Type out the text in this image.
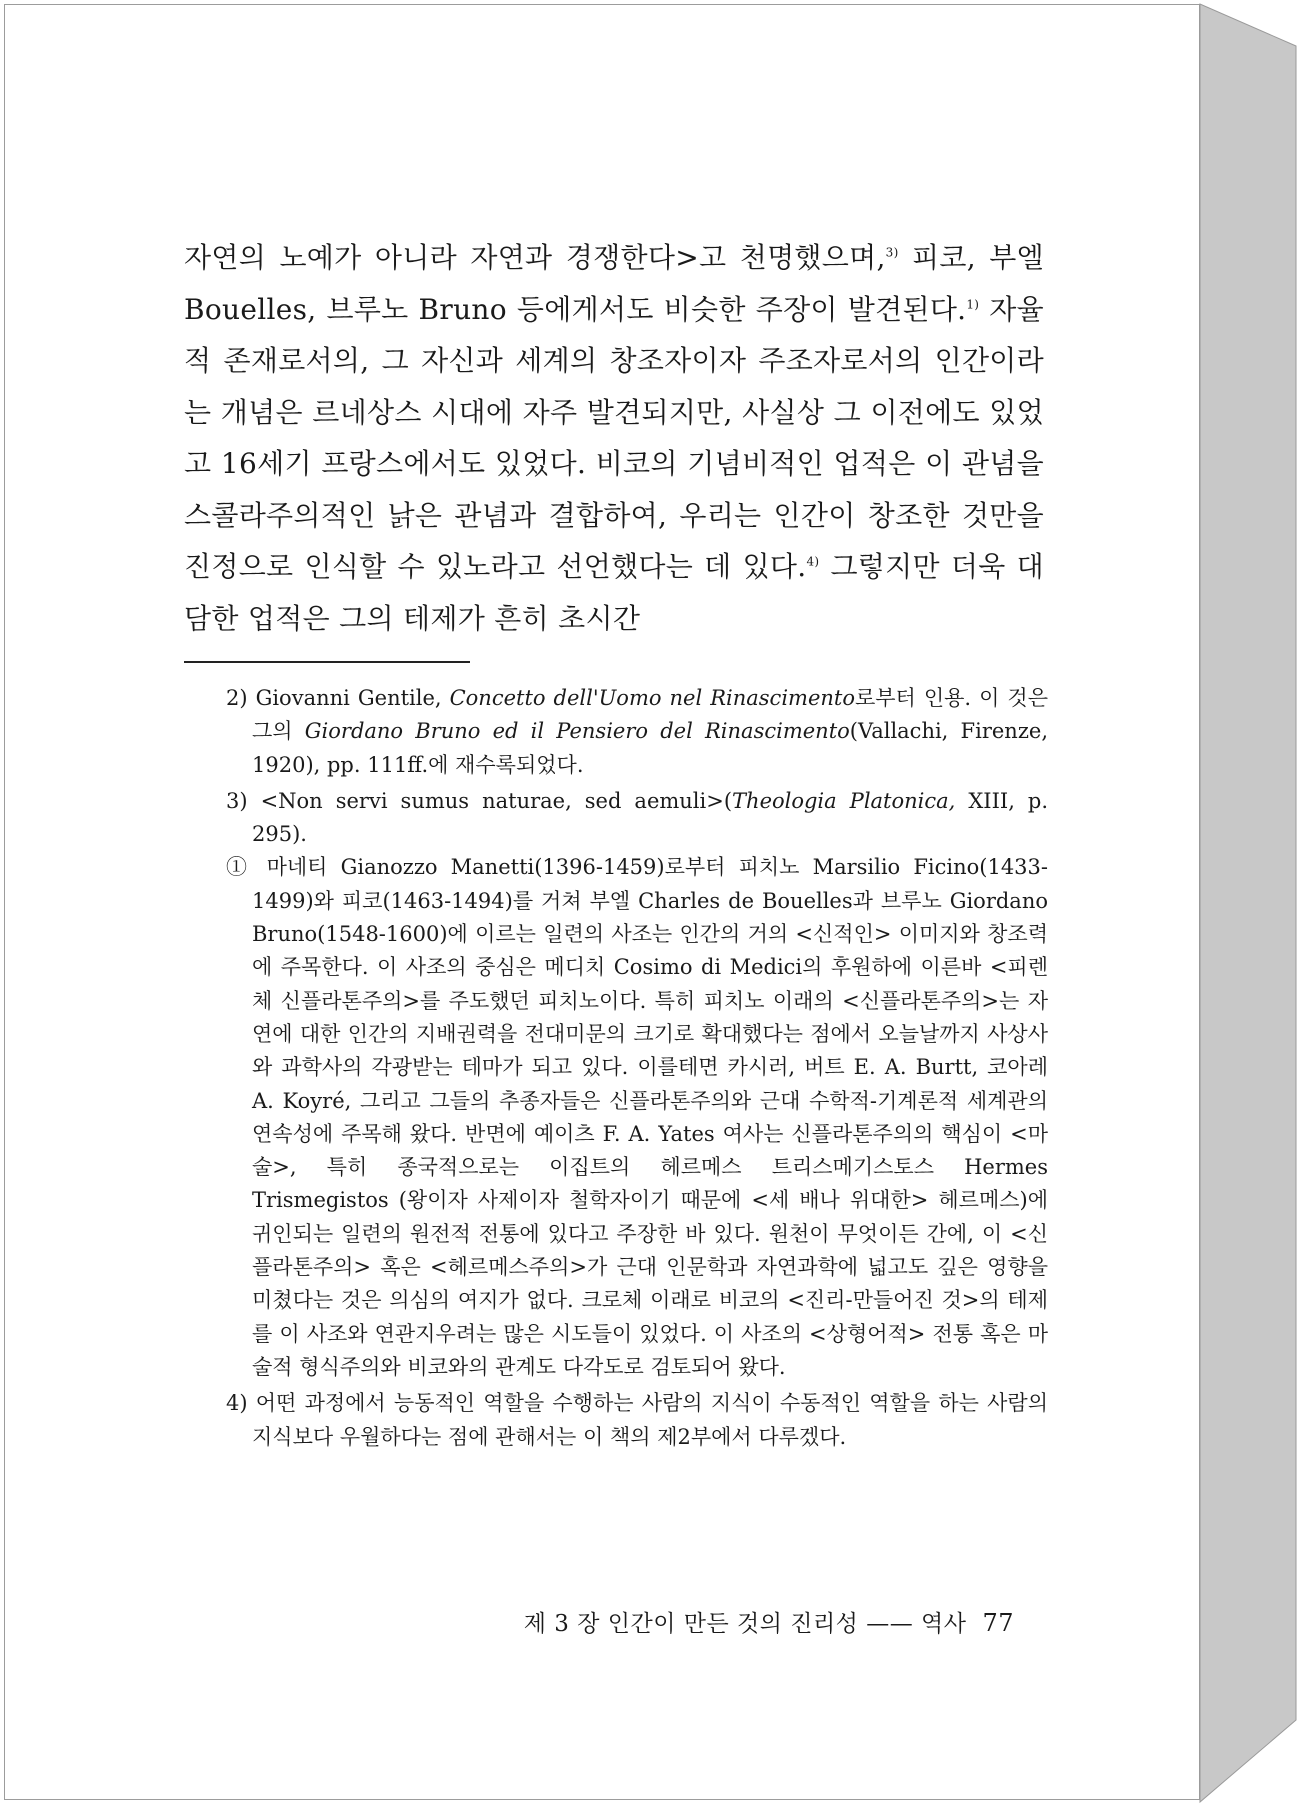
자연의 노예가 아니라 자연과 경쟁한다>고 천명했으며,$^{3)}$ 피코, 부엘 Bouelles, 브루노 Bruno 등에게서도 비슷한 주장이 발견된다.$^{1)}$ 자율적 존재로서의, 그 자신과 세계의 창조자이자 주조자로서의 인간이라는 개념은 르네상스 시대에 자주 발견되지만, 사실상 그 이전에도 있었고 16세기 프랑스에서도 있었다. 비코의 기념비적인 업적은 이 관념을 스콜라주의적인 낡은 관념과 결합하여, 우리는 인간이 창조한 것만을 진정으로 인식할 수 있노라고 선언했다는 데 있다.$^{4)}$ 그렇지만 더욱 대담한 업적은 그의 테제가 흔히 초시간

2) Giovanni Gentile, Concetto dell'Uomo nel Rinascimento로부터 인용. 이 것은 그의 Giordano Bruno ed il Pensiero del Rinascimento(Vallachi, Firenze, 1920), pp. 111ff.에 재수록되었다.

3) <Non servi sumus naturae, sed aemuli>(Theologia Platonica, XIII, p. 295).
① 마네티 Gianozzo Manetti(1396-1459)로부터 피치노 Marsilio Ficino(1433-1499)와 피코(1463-1494)를 거쳐 부엘 Charles de Bouelles과 브루노 Giordano Bruno(1548-1600)에 이르는 일련의 사조는 인간의 거의 <신적인> 이미지와 창조력에 주목한다. 이 사조의 중심은 메디치 Cosimo di Medici의 후원하에 이른바 <피렌체 신플라톤주의>를 주도했던 피치노이다. 특히 피치노 이래의 <신플라톤주의>는 자연에 대한 인간의 지배권력을 전대미문의 크기로 확대했다는 점에서 오늘날까지 사상사와 과학사의 각광받는 테마가 되고 있다. 이를테면 카시러, 버트 E. A. Burtt, 코아레 A. Koyré, 그리고 그들의 추종자들은 신플라톤주의와 근대 수학적-기계론적 세계관의 연속성에 주목해 왔다. 반면에 예이츠 F. A. Yates 여사는 신플라톤주의의 핵심이 <마술>, 특히 종국적으로는 이집트의 헤르메스 트리스메기스토스 Hermes Trismegistos (왕이자 사제이자 철학자이기 때문에 <세 배나 위대한> 헤르메스)에 귀인되는 일련의 원전적 전통에 있다고 주장한 바 있다. 원천이 무엇이든 간에, 이 <신플라톤주의> 혹은 <헤르메스주의>가 근대 인문학과 자연과학에 넓고도 깊은 영향을 미쳤다는 것은 의심의 여지가 없다. 크로체 이래로 비코의 <진리-만들어진 것>의 테제를 이 사조와 연관지우려는 많은 시도들이 있었다. 이 사조의 <상형어적> 전통 혹은 마술적 형식주의와 비코와의 관계도 다각도로 검토되어 왔다.

4) 어떤 과정에서 능동적인 역할을 수행하는 사람의 지식이 수동적인 역할을 하는 사람의 지식보다 우월하다는 점에 관해서는 이 책의 제2부에서 다루겠다.

제 3 장 인간이 만든 것의 진리성 —— 역사 77
